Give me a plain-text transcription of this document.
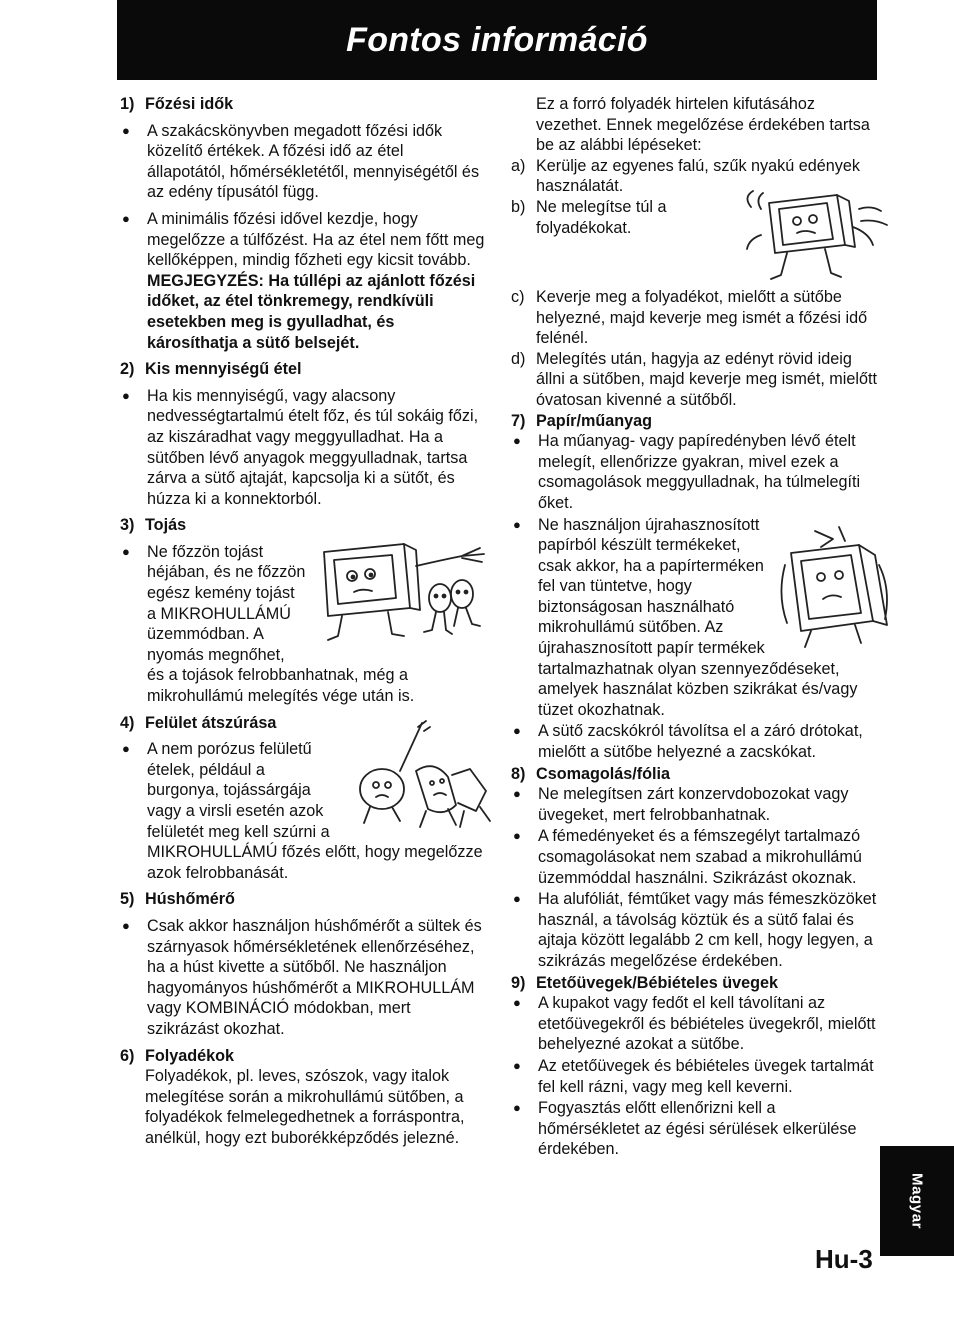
Fontos információ
1) Főzési idők
●	A szakácskönyvben megadott főzési idők közelítő értékek. A főzési idő az étel állapotától, hőmérsékletétől, mennyiségétől és az edény típusától függ.
●	A minimális főzési idővel kezdje, hogy megelőzze a túlfőzést. Ha az étel nem főtt meg kellőképpen, mindig főzheti egy kicsit tovább.
MEGJEGYZÉS: Ha túllépi az ajánlott főzési időket, az étel tönkremegy, rendkívüli esetekben meg is gyulladhat, és károsíthatja a sütő belsejét.
2) Kis mennyiségű étel
●	Ha kis mennyiségű, vagy alacsony nedvességtartalmú ételt főz, és túl sokáig főzi, az kiszáradhat vagy meggyulladhat. Ha a sütőben lévő anyagok meggyulladnak, tartsa zárva a sütő ajtaját, kapcsolja ki a sütőt, és húzza ki a konnektorból.
3) Tojás
●	Ne főzzön tojást héjában, és ne főzzön egész kemény tojást a MIKROHULLÁMÚ üzemmódban. A nyomás megnőhet, és a tojások felrobbanhatnak, még a mikrohullámú melegítés vége után is.
4) Felület átszúrása
●	A nem porózus felületű ételek, például a burgonya, tojássárgája vagy a virsli esetén azok felületét meg kell szúrni a MIKROHULLÁMÚ főzés előtt, hogy megelőzze azok felrobbanását.
5) Húshőmérő
●	Csak akkor használjon húshőmérőt a sültek és szárnyasok hőmérsékletének ellenőrzéséhez, ha a húst kivette a sütőből. Ne használjon hagyományos húshőmérőt a MIKROHULLÁM vagy KOMBINÁCIÓ módokban, mert szikrázást okozhat.
6) Folyadékok

Folyadékok, pl. leves, szószok, vagy italok melegítése során a mikrohullámú sütőben, a folyadékok felmelegedhetnek a forráspontra, anélkül, hogy ezt buborékképződés jelezné.

Ez a forró folyadék hirtelen kifutásához vezethet. Ennek megelőzése érdekében tartsa be az alábbi lépéseket:

a) Kerülje az egyenes falú, szűk nyakú edények használatát.
b) Ne melegítse túl a folyadékokat.
c) Keverje meg a folyadékot, mielőtt a sütőbe helyezné, majd keverje meg ismét a főzési idő felénél.
d) Melegítés után, hagyja az edényt rövid ideig állni a sütőben, majd keverje meg ismét, mielőtt óvatosan kivenné a sütőből.
7) Papír/műanyag
●	Ha műanyag- vagy papíredényben lévő ételt melegít, ellenőrizze gyakran, mivel ezek a csomagolások meggyulladnak, ha túlmelegíti őket.
●	Ne használjon újrahasznosított papírból készült termékeket, csak akkor, ha a papírterméken fel van tüntetve, hogy biztonságosan használható mikrohullámú sütőben. Az újrahasznosított papír termékek tartalmazhatnak olyan szennyeződéseket, amelyek használat közben szikrákat és/vagy tüzet okozhatnak.
●	A sütő zacskókról távolítsa el a záró drótokat, mielőtt a sütőbe helyezné a zacskókat.
8) Csomagolás/fólia
●	Ne melegítsen zárt konzervdobozokat vagy üvegeket, mert felrobbanhatnak.
●	A fémedényeket és a fémszegélyt tartalmazó csomagolásokat nem szabad a mikrohullámú üzemmóddal használni. Szikrázást okoznak.
●	Ha alufóliát, fémtűket vagy más fémeszközöket használ, a távolság köztük és a sütő falai és ajtaja között legalább 2 cm kell, hogy legyen, a szikrázás megelőzése érdekében.
9) Etetőüvegek/Bébiételes üvegek
●	A kupakot vagy fedőt el kell távolítani az etetőüvegekről és bébiételes üvegekről, mielőtt behelyezné azokat a sütőbe.
●	Az etetőüvegek és bébiételes üvegek tartalmát fel kell rázni, vagy meg kell keverni.
●	Fogyasztás előtt ellenőrizni kell a hőmérsékletet az égési sérülések elkerülése érdekében.
Magyar
Hu-3
